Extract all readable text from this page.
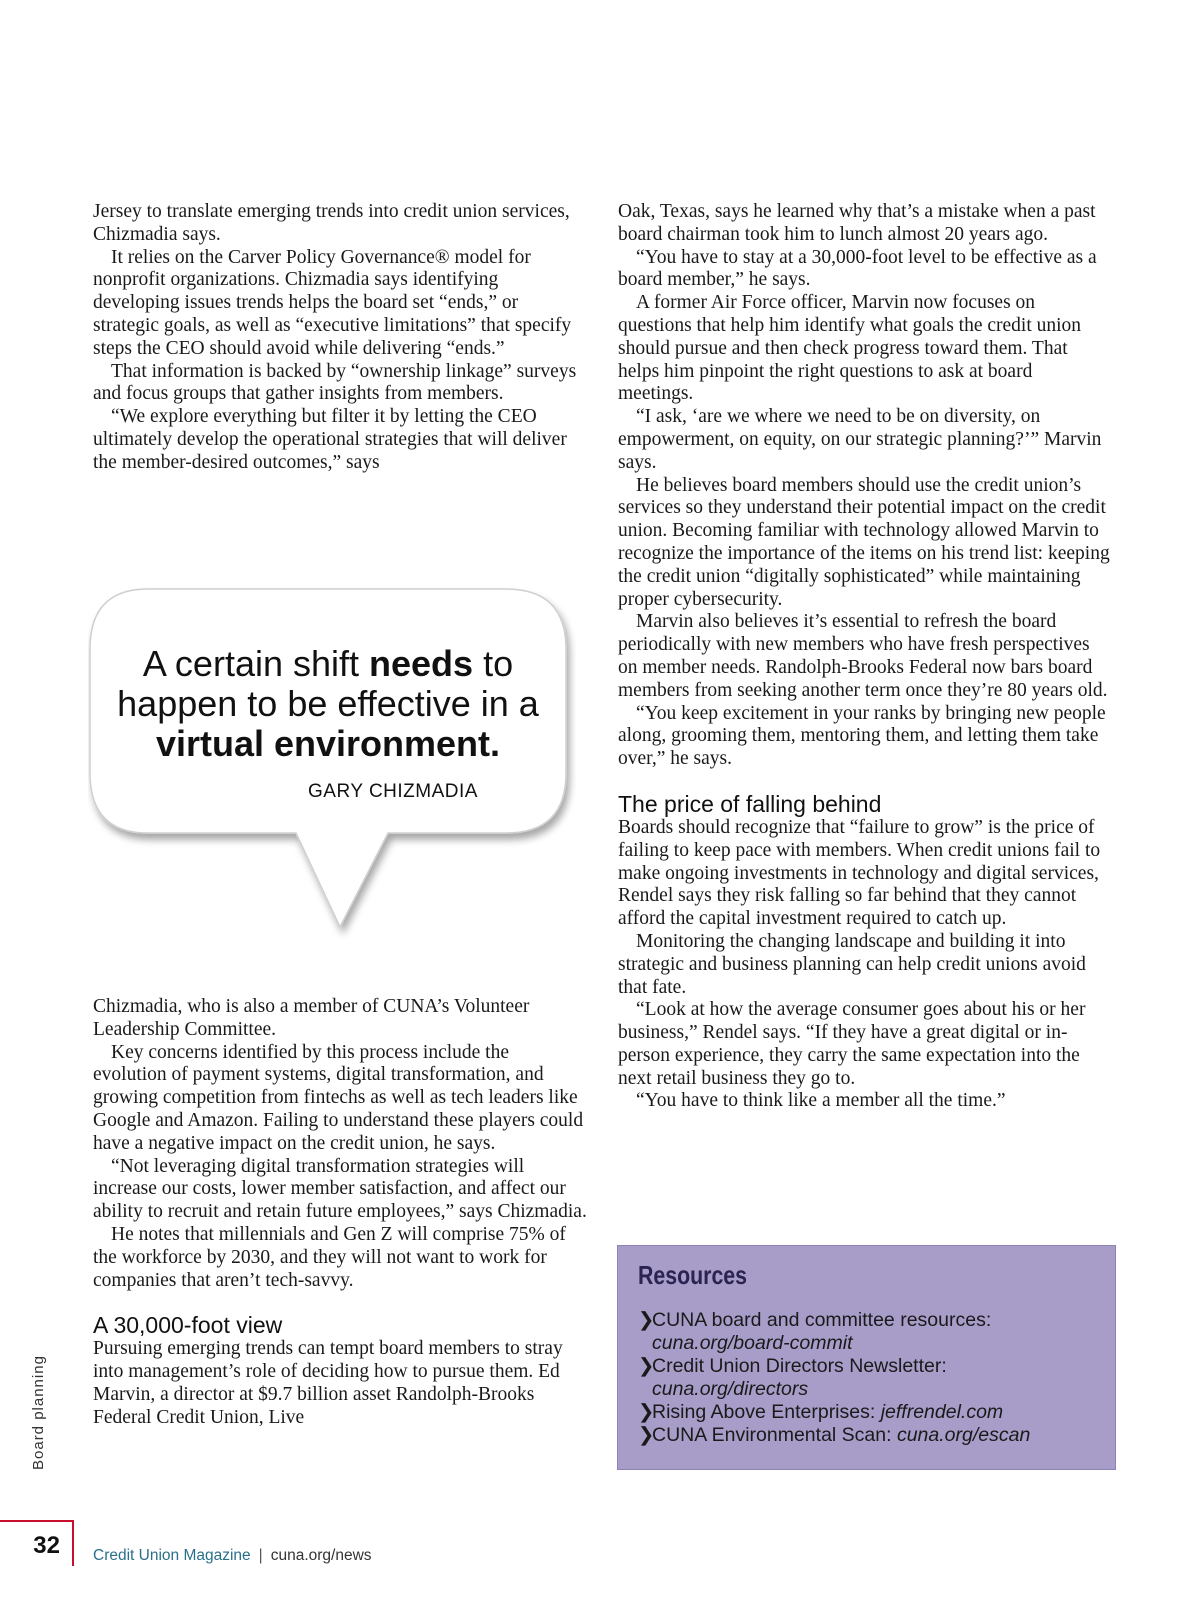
Jersey to translate emerging trends into credit union services, Chizmadia says.

It relies on the Carver Policy Governance® model for nonprofit organizations. Chizmadia says identifying developing issues trends helps the board set “ends,” or strategic goals, as well as “executive limitations” that specify steps the CEO should avoid while delivering “ends.”

That information is backed by “ownership linkage” surveys and focus groups that gather insights from members.

“We explore everything but filter it by letting the CEO ultimately develop the operational strategies that will deliver the member-desired outcomes,” says

A certain shift needs to happen to be effective in a virtual environment.
GARY CHIZMADIA

Chizmadia, who is also a member of CUNA’s Volunteer Leadership Committee.

Key concerns identified by this process include the evolution of payment systems, digital transformation, and growing competition from fintechs as well as tech leaders like Google and Amazon. Failing to understand these players could have a negative impact on the credit union, he says.

“Not leveraging digital transformation strategies will increase our costs, lower member satisfaction, and affect our ability to recruit and retain future employees,” says Chizmadia.

He notes that millennials and Gen Z will comprise 75% of the workforce by 2030, and they will not want to work for companies that aren’t tech-savvy.

A 30,000-foot view

Pursuing emerging trends can tempt board members to stray into management’s role of deciding how to pursue them. Ed Marvin, a director at $9.7 billion asset Randolph-Brooks Federal Credit Union, Live

Oak, Texas, says he learned why that’s a mistake when a past board chairman took him to lunch almost 20 years ago.

“You have to stay at a 30,000-foot level to be effective as a board member,” he says.

A former Air Force officer, Marvin now focuses on questions that help him identify what goals the credit union should pursue and then check progress toward them. That helps him pinpoint the right questions to ask at board meetings.

“I ask, ‘are we where we need to be on diversity, on empowerment, on equity, on our strategic planning?’” Marvin says.

He believes board members should use the credit union’s services so they understand their potential impact on the credit union. Becoming familiar with technology allowed Marvin to recognize the importance of the items on his trend list: keeping the credit union “digitally sophisticated” while maintaining proper cybersecurity.

Marvin also believes it’s essential to refresh the board periodically with new members who have fresh perspectives on member needs. Randolph-Brooks Federal now bars board members from seeking another term once they’re 80 years old.

“You keep excitement in your ranks by bringing new people along, grooming them, mentoring them, and letting them take over,” he says.

The price of falling behind

Boards should recognize that “failure to grow” is the price of failing to keep pace with members. When credit unions fail to make ongoing investments in technology and digital services, Rendel says they risk falling so far behind that they cannot afford the capital investment required to catch up.

Monitoring the changing landscape and building it into strategic and business planning can help credit unions avoid that fate.

“Look at how the average consumer goes about his or her business,” Rendel says. “If they have a great digital or in-person experience, they carry the same expectation into the next retail business they go to.

“You have to think like a member all the time.”

Resources
❯
CUNA board and committee resources:
cuna.org/board-commit
❯
Credit Union Directors Newsletter:
cuna.org/directors
❯
Rising Above Enterprises: jeffrendel.com
❯
CUNA Environmental Scan: cuna.org/escan
Board planning
32	Credit Union Magazine | cuna.org/news
